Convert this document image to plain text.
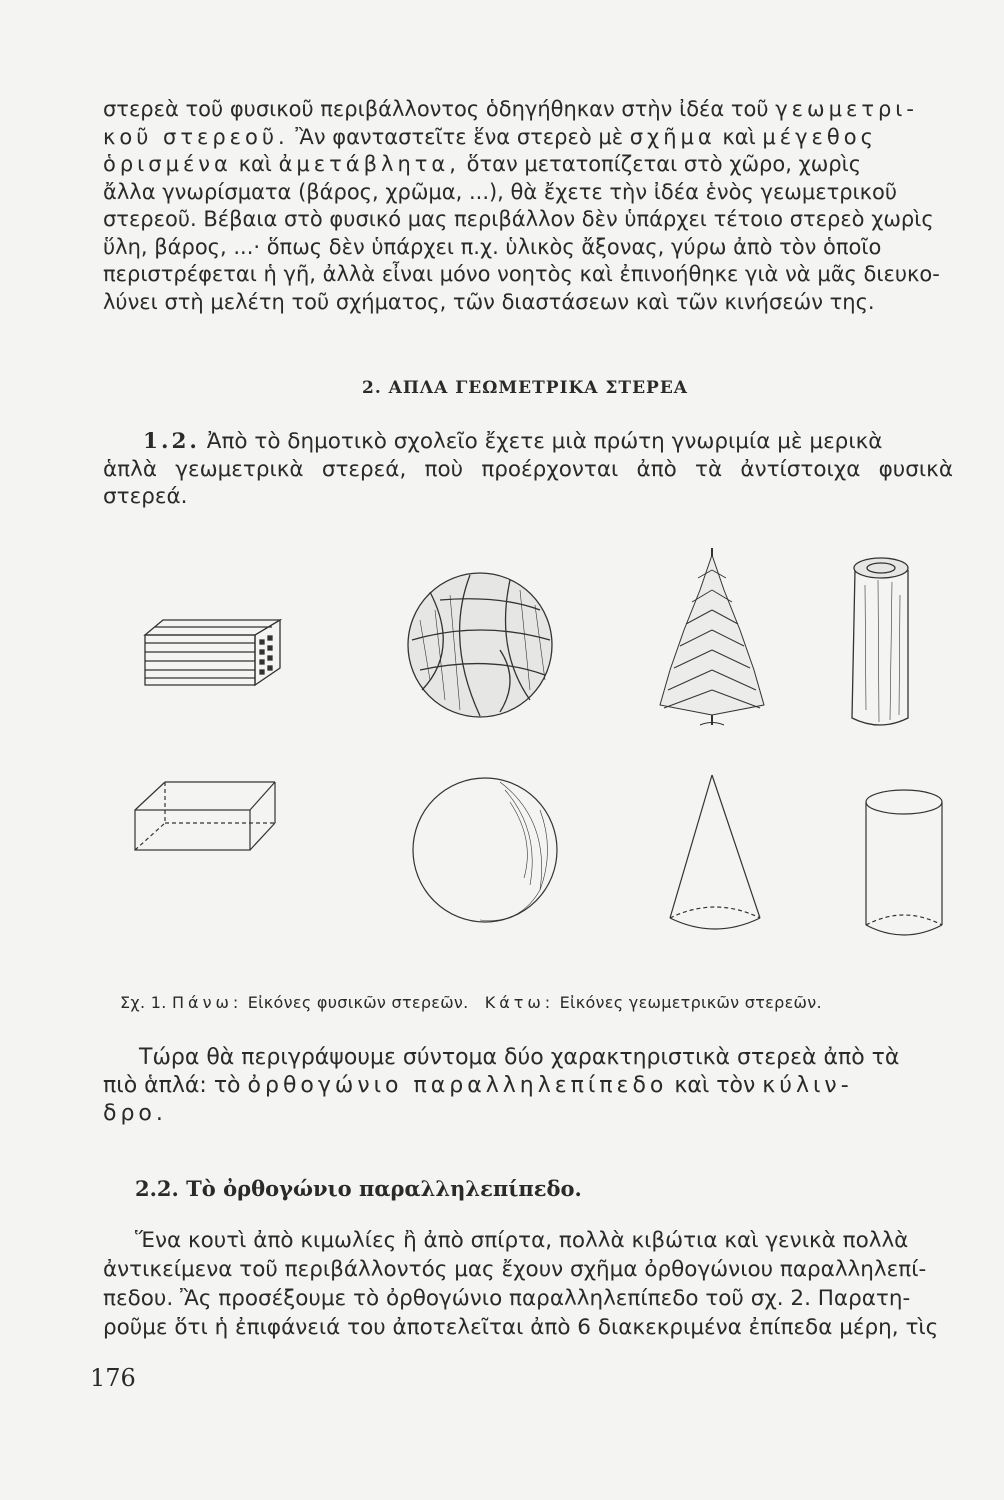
στερεὰ τοῦ φυσικοῦ περιβάλλοντος ὁδηγήθηκαν στὴν ἰδέα τοῦ γεωμετρι-

κοῦ στερεοῦ. Ἂν φανταστεῖτε ἕνα στερεὸ μὲ σχῆμα καὶ μέγεθος

ὁρισμένα καὶ ἀμετάβλητα, ὅταν μετατοπίζεται στὸ χῶρο, χωρὶς

ἄλλα γνωρίσματα (βάρος, χρῶμα, ...), θὰ ἔχετε τὴν ἰδέα ἑνὸς γεωμετρικοῦ

στερεοῦ. Βέβαια στὸ φυσικό μας περιβάλλον δὲν ὑπάρχει τέτοιο στερεὸ χωρὶς

ὕλη, βάρος, ...· ὅπως δὲν ὑπάρχει π.χ. ὑλικὸς ἄξονας, γύρω ἀπὸ τὸν ὁποῖο

περιστρέφεται ἡ γῆ, ἀλλὰ εἶναι μόνο νοητὸς καὶ ἐπινοήθηκε γιὰ νὰ μᾶς διευκο-

λύνει στὴ μελέτη τοῦ σχήματος, τῶν διαστάσεων καὶ τῶν κινήσεών της.

2. ΑΠΛΑ ΓΕΩΜΕΤΡΙΚΑ ΣΤΕΡΕΑ

1.2. Ἀπὸ τὸ δημοτικὸ σχολεῖο ἔχετε μιὰ πρώτη γνωριμία μὲ μερικὰ

ἁπλὰ γεωμετρικὰ στερεά, ποὺ προέρχονται ἀπὸ τὰ ἀντίστοιχα φυσικὰ στερεά.

Σχ. 1. Πάνω: Εἰκόνες φυσικῶν στερεῶν. Κάτω: Εἰκόνες γεωμετρικῶν στερεῶν.

Τώρα θὰ περιγράψουμε σύντομα δύο χαρακτηριστικὰ στερεὰ ἀπὸ τὰ

πιὸ ἁπλά: τὸ ὀρθογώνιο παραλληλεπίπεδο καὶ τὸν κύλιν-

δρο.

2.2. Τὸ ὀρθογώνιο παραλληλεπίπεδο.

Ἕνα κουτὶ ἀπὸ κιμωλίες ἢ ἀπὸ σπίρτα, πολλὰ κιβώτια καὶ γενικὰ πολλὰ

ἀντικείμενα τοῦ περιβάλλοντός μας ἔχουν σχῆμα ὀρθογώνιου παραλληλεπί-

πεδου. Ἂς προσέξουμε τὸ ὀρθογώνιο παραλληλεπίπεδο τοῦ σχ. 2. Παρατη-

ροῦμε ὅτι ἡ ἐπιφάνειά του ἀποτελεῖται ἀπὸ 6 διακεκριμένα ἐπίπεδα μέρη, τὶς

176
